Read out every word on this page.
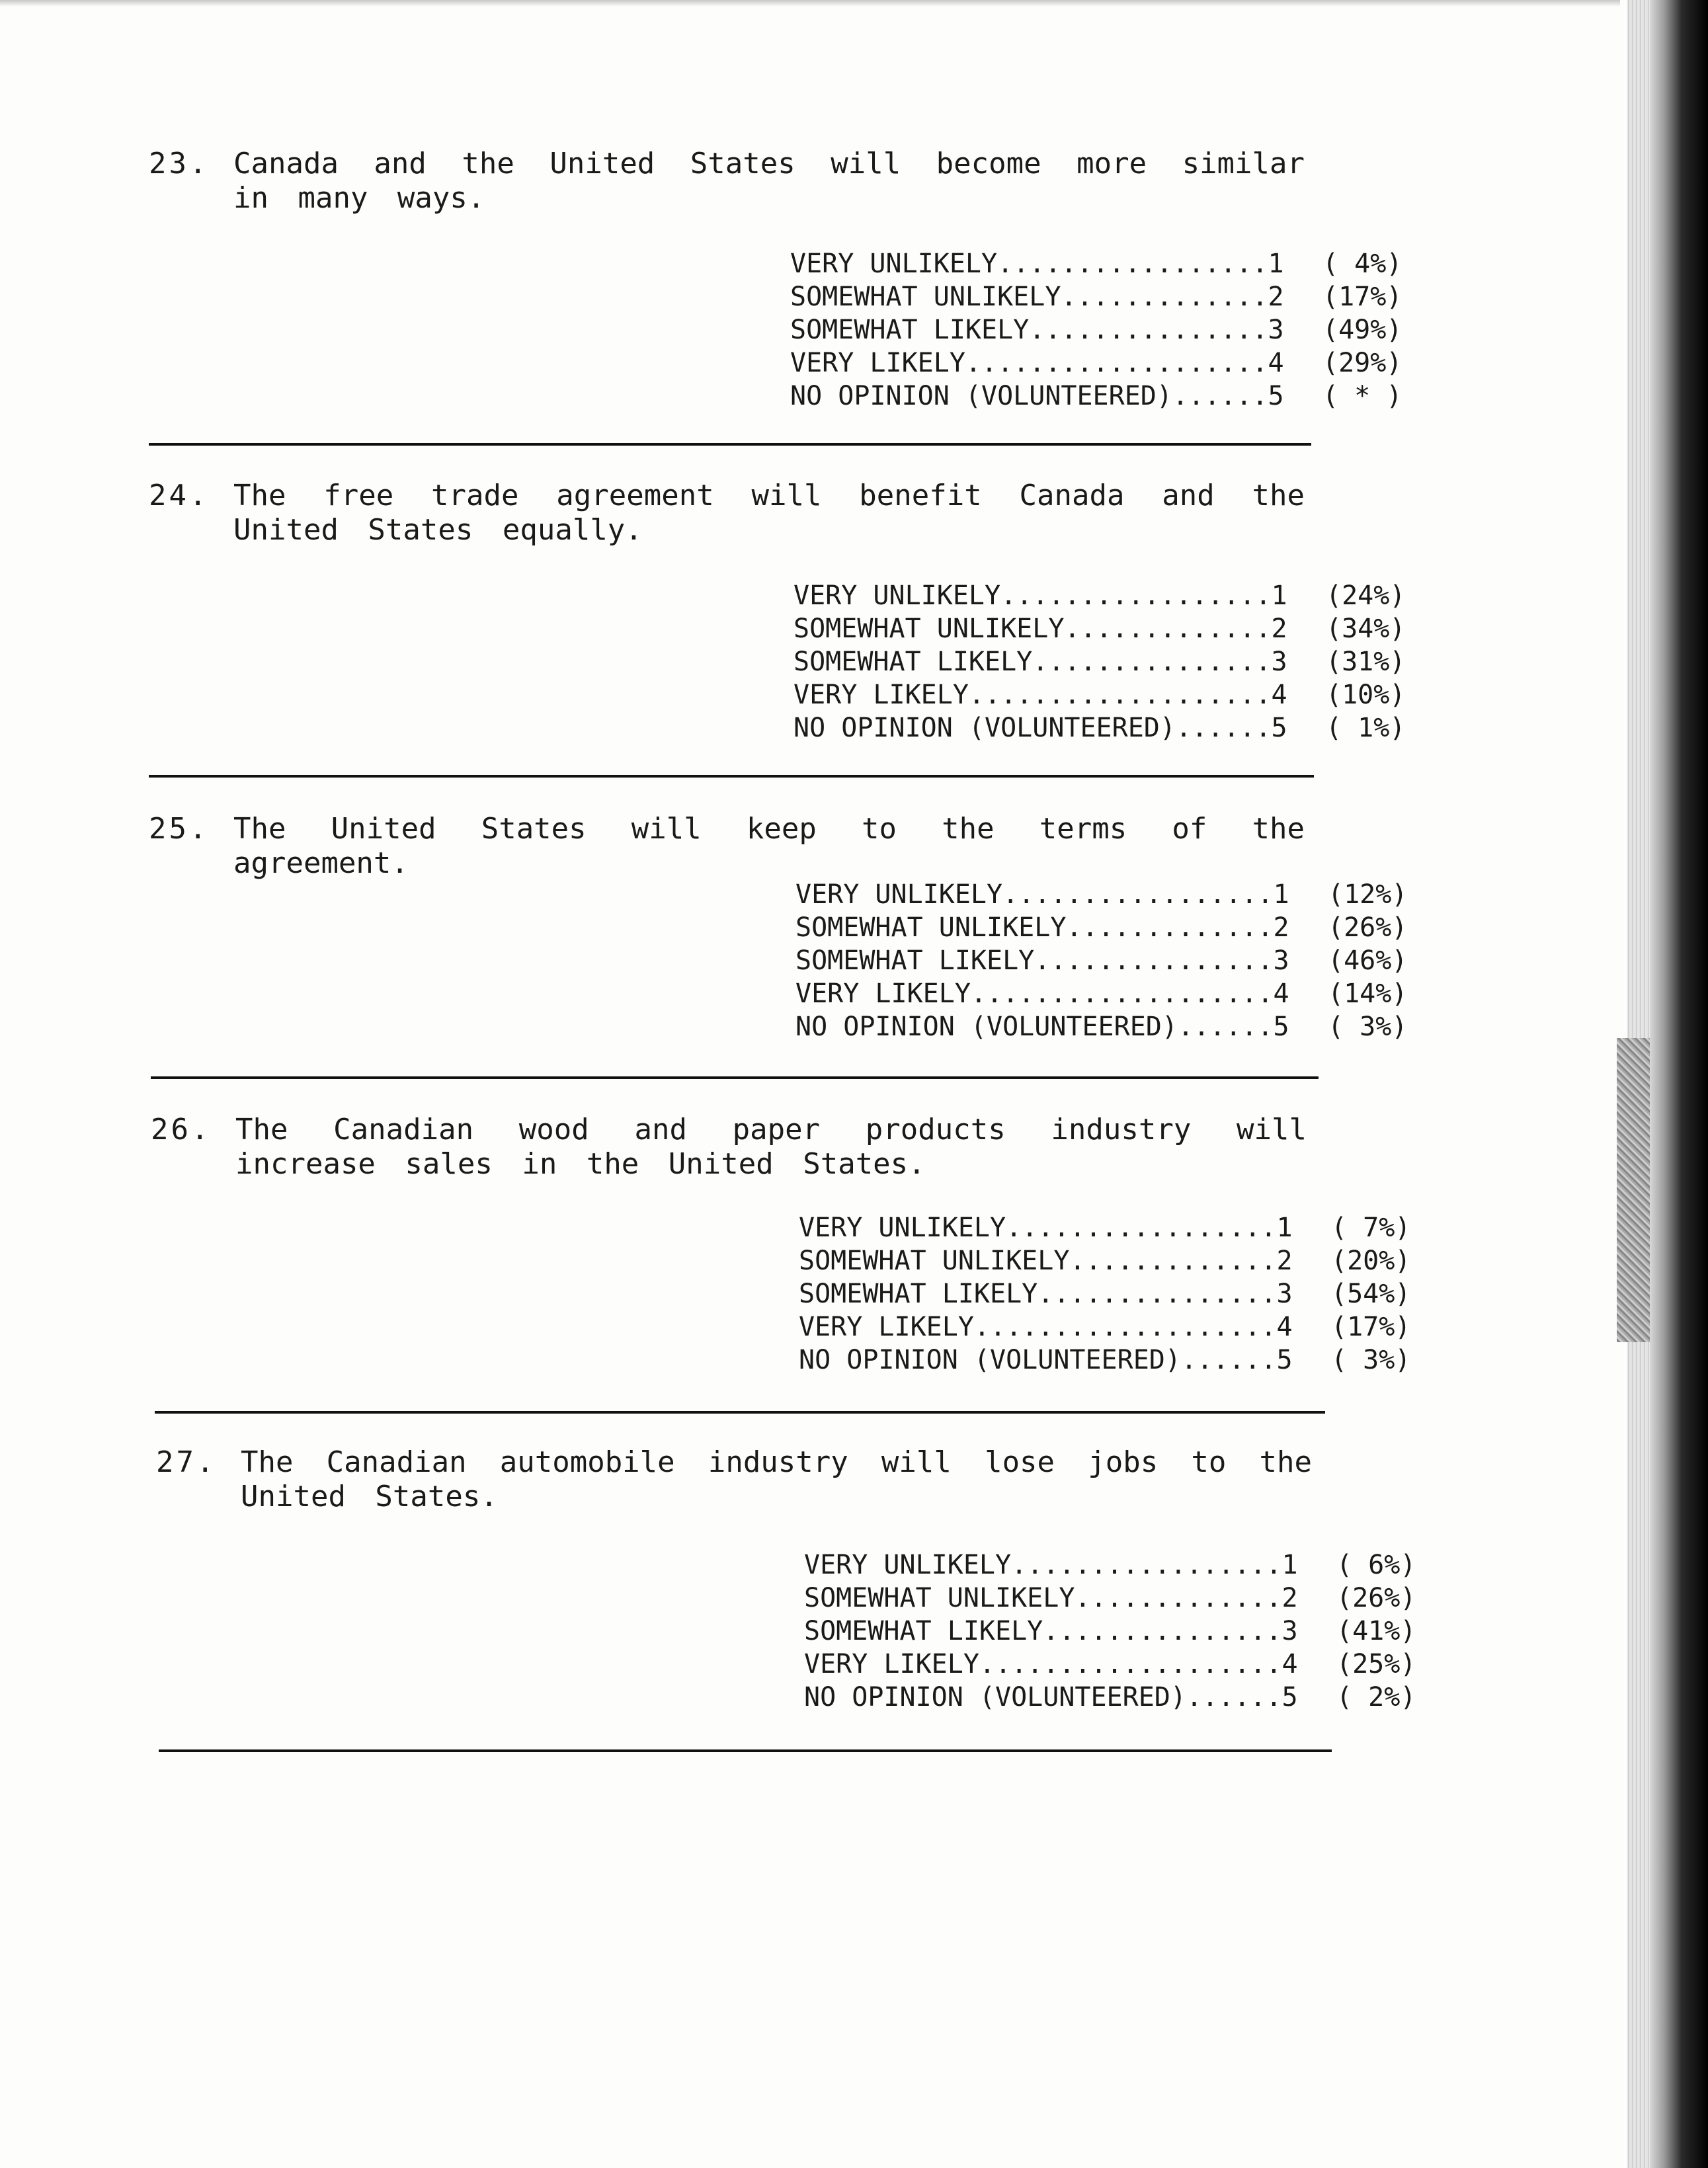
23. Canada and the United States will become more similar in many ways.
VERY UNLIKELY.................1	( 4%)
SOMEWHAT UNLIKELY.............2	(17%)
SOMEWHAT LIKELY...............3	(49%)
VERY LIKELY...................4	(29%)
NO OPINION (VOLUNTEERED)......5	( * )
24. The free trade agreement will benefit Canada and the United States equally.
VERY UNLIKELY.................1	(24%)
SOMEWHAT UNLIKELY.............2	(34%)
SOMEWHAT LIKELY...............3	(31%)
VERY LIKELY...................4	(10%)
NO OPINION (VOLUNTEERED)......5	( 1%)
25. The United States will keep to the terms of the agreement.
VERY UNLIKELY.................1	(12%)
SOMEWHAT UNLIKELY.............2	(26%)
SOMEWHAT LIKELY...............3	(46%)
VERY LIKELY...................4	(14%)
NO OPINION (VOLUNTEERED)......5	( 3%)
26. The Canadian wood and paper products industry will increase sales in the United States.
VERY UNLIKELY.................1	( 7%)
SOMEWHAT UNLIKELY.............2	(20%)
SOMEWHAT LIKELY...............3	(54%)
VERY LIKELY...................4	(17%)
NO OPINION (VOLUNTEERED)......5	( 3%)
27. The Canadian automobile industry will lose jobs to the United States.
VERY UNLIKELY.................1	( 6%)
SOMEWHAT UNLIKELY.............2	(26%)
SOMEWHAT LIKELY...............3	(41%)
VERY LIKELY...................4	(25%)
NO OPINION (VOLUNTEERED)......5	( 2%)
